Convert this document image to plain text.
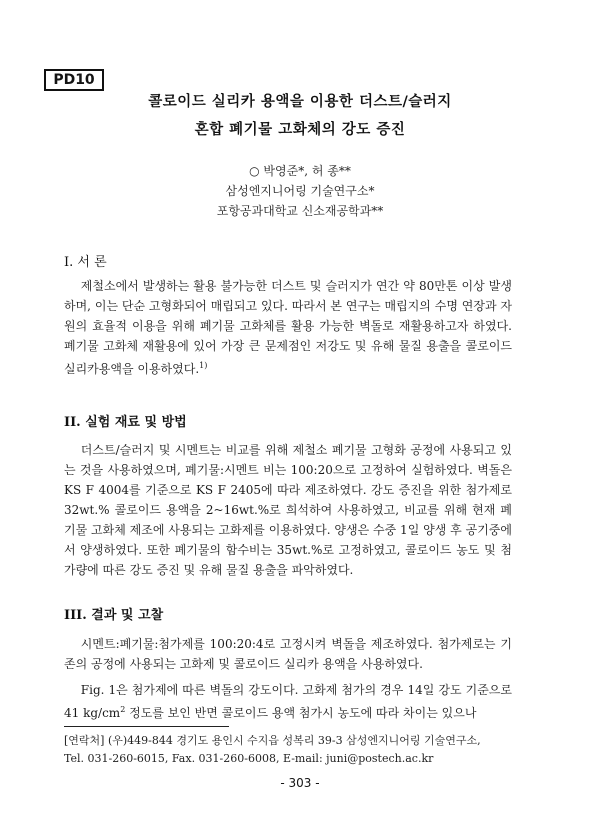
PD10
콜로이드 실리카 용액을 이용한 더스트/슬러지
혼합 폐기물 고화체의 강도 증진
○ 박영준*, 허 종**
삼성엔지니어링 기술연구소*
포항공과대학교 신소재공학과**
I. 서 론
제철소에서 발생하는 활용 불가능한 더스트 및 슬러지가 연간 약 80만톤 이상 발생하며, 이는 단순 고형화되어 매립되고 있다. 따라서 본 연구는 매립지의 수명 연장과 자원의 효율적 이용을 위해 폐기물 고화체를 활용 가능한 벽돌로 재활용하고자 하였다. 폐기물 고화체 재활용에 있어 가장 큰 문제점인 저강도 및 유해 물질 용출을 콜로이드 실리카용액을 이용하였다.$^{1)}$
II. 실험 재료 및 방법
더스트/슬러지 및 시멘트는 비교를 위해 제철소 폐기물 고형화 공정에 사용되고 있는 것을 사용하였으며, 폐기물:시멘트 비는 100:20으로 고정하여 실험하였다. 벽돌은 KS F 4004를 기준으로 KS F 2405에 따라 제조하였다. 강도 증진을 위한 첨가제로 32wt.% 콜로이드 용액을 2~16wt.%로 희석하여 사용하였고, 비교를 위해 현재 폐기물 고화체 제조에 사용되는 고화제를 이용하였다. 양생은 수중 1일 양생 후 공기중에서 양생하였다. 또한 폐기물의 함수비는 35wt.%로 고정하였고, 콜로이드 농도 및 첨가량에 따른 강도 증진 및 유해 물질 용출을 파악하였다.
III. 결과 및 고찰
시멘트:폐기물:첨가제를 100:20:4로 고정시켜 벽돌을 제조하였다. 첨가제로는 기존의 공정에 사용되는 고화제 및 콜로이드 실리카 용액을 사용하였다.
Fig. 1은 첨가제에 따른 벽돌의 강도이다. 고화제 첨가의 경우 14일 강도 기준으로 41 $kg/cm^2$ 정도를 보인 반면 콜로이드 용액 첨가시 농도에 따라 차이는 있으나
[연락처] (우)449-844 경기도 용인시 수지읍 성복리 39-3 삼성엔지니어링 기술연구소,
Tel. 031-260-6015, Fax. 031-260-6008, E-mail: juni@postech.ac.kr
- 303 -
